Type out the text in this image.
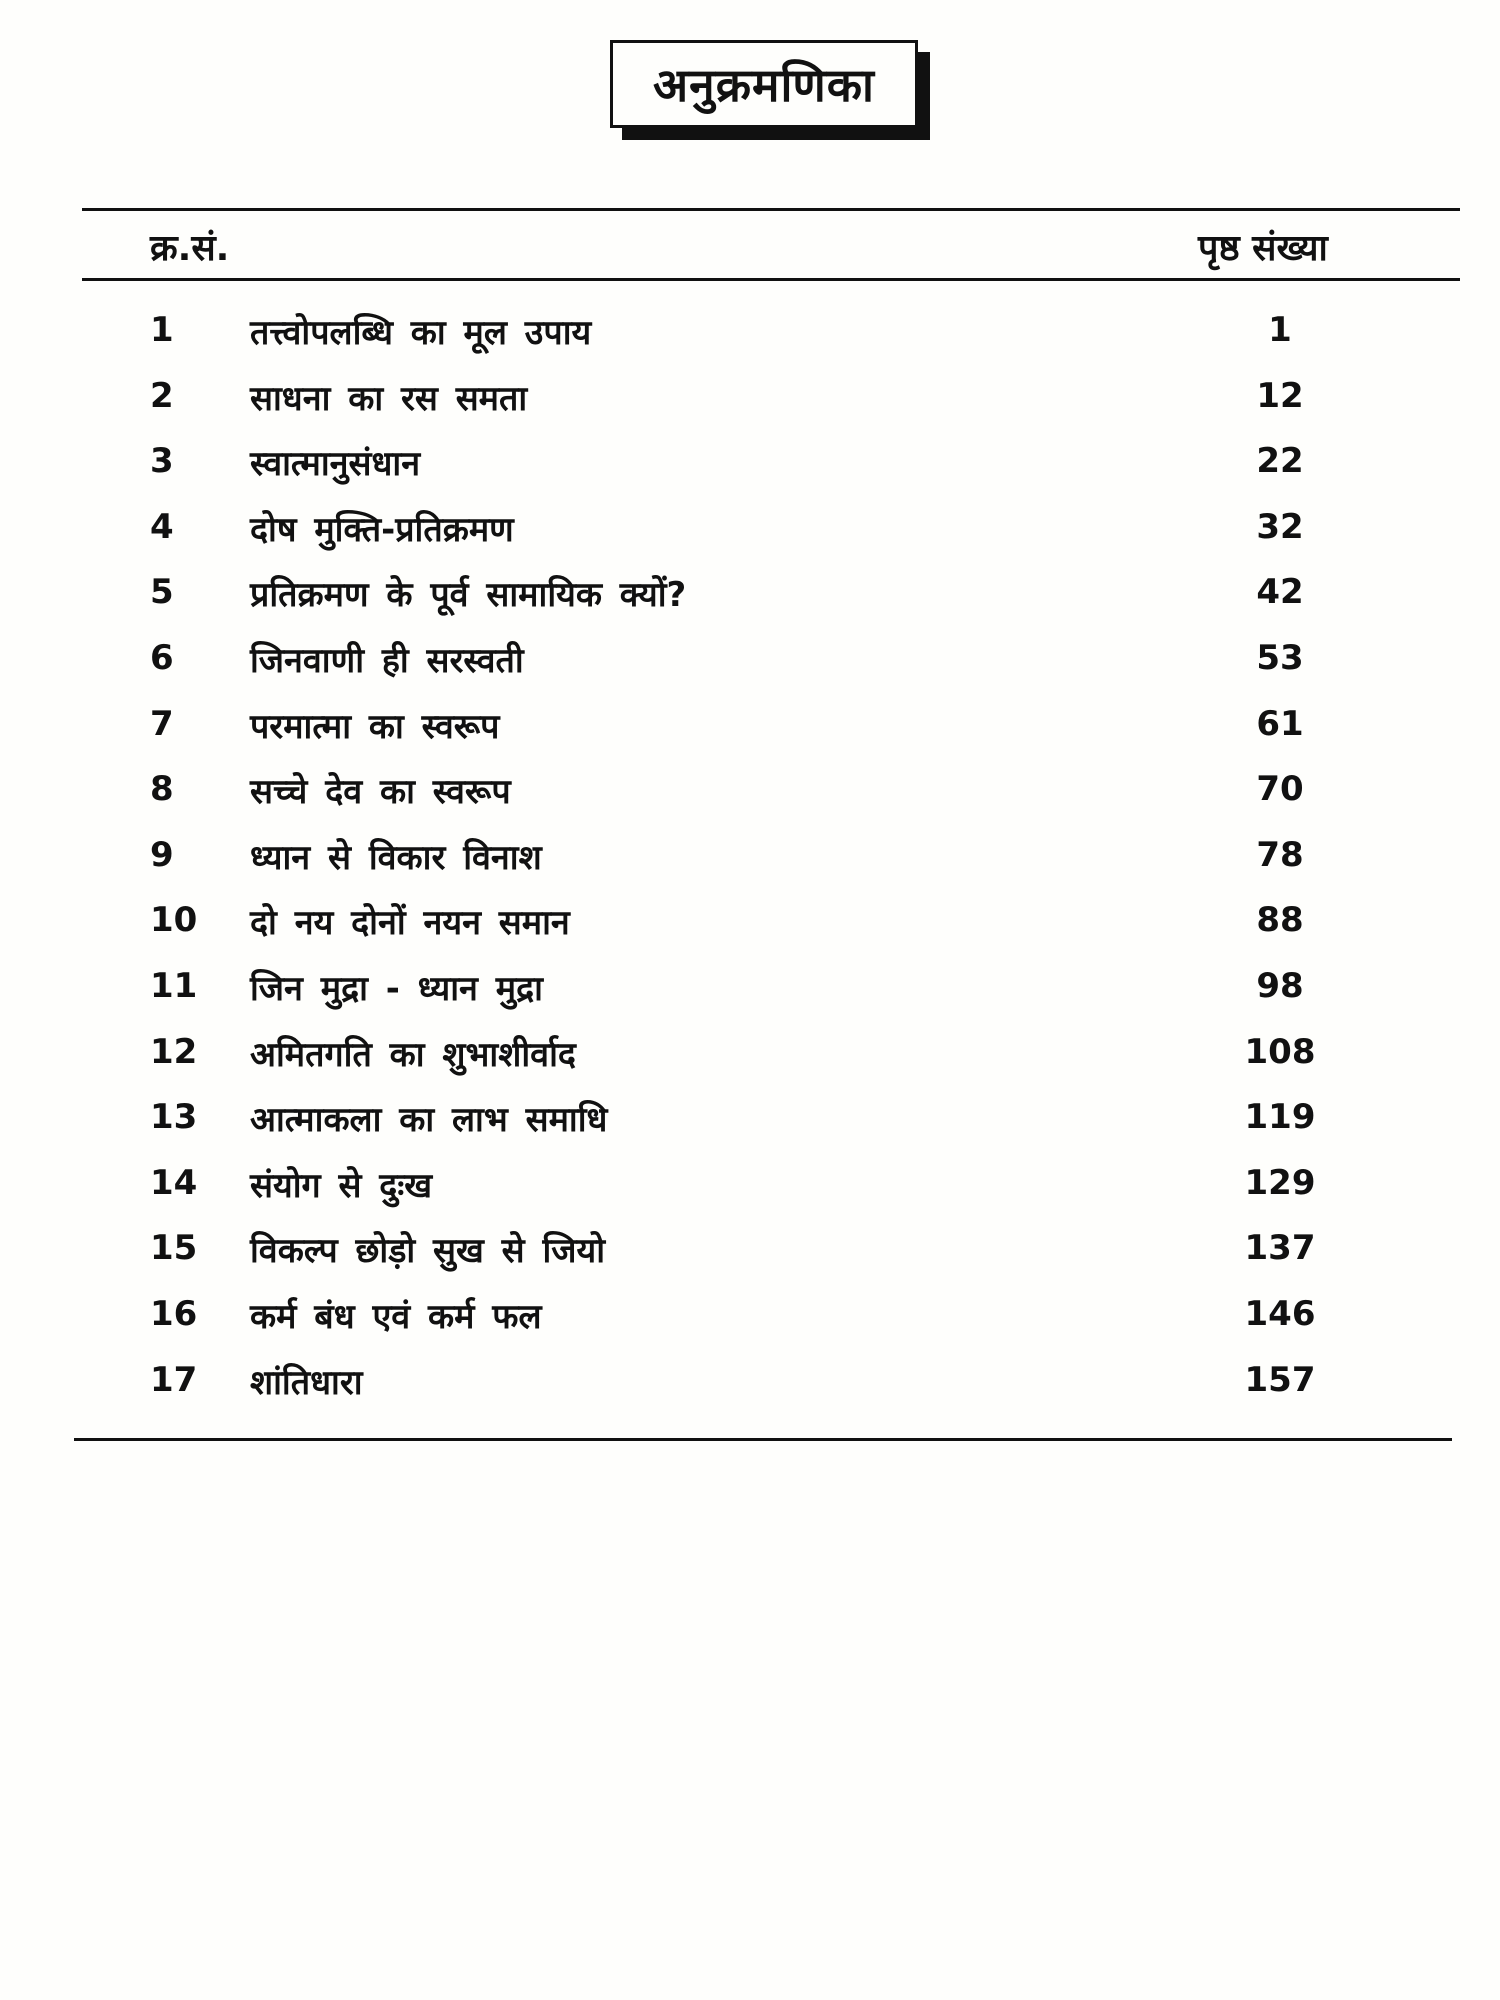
अनुक्रमणिका
क्र.सं.	पृष्ठ संख्या
1 तत्त्वोपलब्धि का मूल उपाय	1
2 साधना का रस समता	12
3 स्वात्मानुसंधान	22
4 दोष मुक्ति-प्रतिक्रमण	32
5 प्रतिक्रमण के पूर्व सामायिक क्यों?	42
6 जिनवाणी ही सरस्वती	53
7 परमात्मा का स्वरूप	61
8 सच्चे देव का स्वरूप	70
9 ध्यान से विकार विनाश	78
10 दो नय दोनों नयन समान	88
11 जिन मुद्रा - ध्यान मुद्रा	98
12 अमितगति का शुभाशीर्वाद	108
13 आत्माकला का लाभ समाधि	119
14 संयोग से दुःख	129
15 विकल्प छोड़ो सुख से जियो	137
16 कर्म बंध एवं कर्म फल	146
17 शांतिधारा	157
